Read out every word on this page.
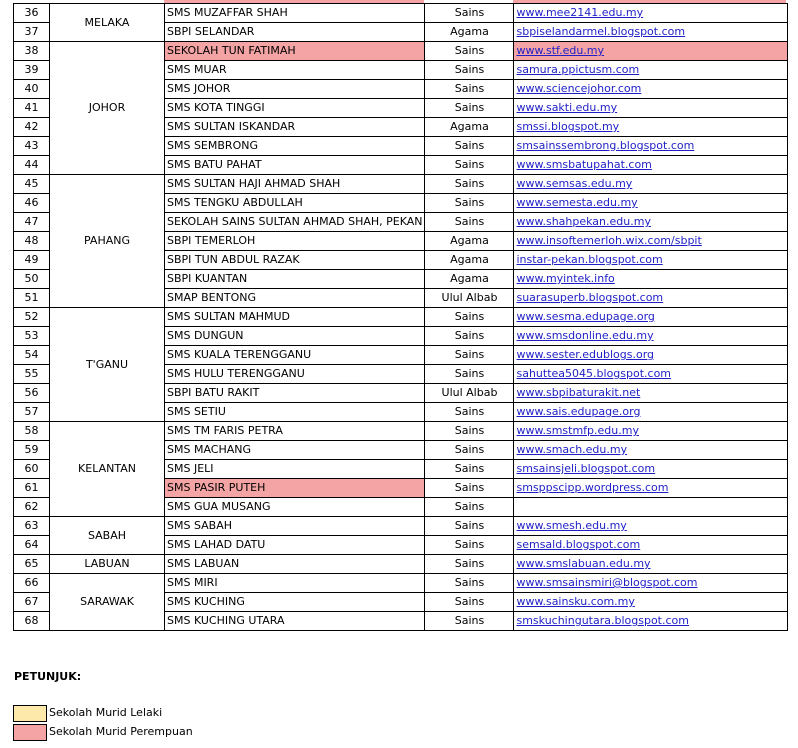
36	MELAKA	SMS MUZAFFAR SHAH	Sains	www.mee2141.edu.my
37		SBPI SELANDAR	Agama	sbpiselandarmel.blogspot.com
38	JOHOR	SEKOLAH TUN FATIMAH	Sains	www.stf.edu.my
39		SMS MUAR	Sains	samura.ppictusm.com
40		SMS JOHOR	Sains	www.sciencejohor.com
41		SMS KOTA TINGGI	Sains	www.sakti.edu.my
42		SMS SULTAN ISKANDAR	Agama	smssi.blogspot.my
43		SMS SEMBRONG	Sains	smsainssembrong.blogspot.com
44		SMS BATU PAHAT	Sains	www.smsbatupahat.com
45	PAHANG	SMS SULTAN HAJI AHMAD SHAH	Sains	www.semsas.edu.my
46		SMS TENGKU ABDULLAH	Sains	www.semesta.edu.my
47		SEKOLAH SAINS SULTAN AHMAD SHAH, PEKAN	Sains	www.shahpekan.edu.my
48		SBPI TEMERLOH	Agama	www.insoftemerloh.wix.com/sbpit
49		SBPI TUN ABDUL RAZAK	Agama	instar-pekan.blogspot.com
50		SBPI KUANTAN	Agama	www.myintek.info
51		SMAP BENTONG	Ulul Albab	suarasuperb.blogspot.com
52	T'GANU	SMS SULTAN MAHMUD	Sains	www.sesma.edupage.org
53		SMS DUNGUN	Sains	www.smsdonline.edu.my
54		SMS KUALA TERENGGANU	Sains	www.sester.edublogs.org
55		SMS HULU TERENGGANU	Sains	sahuttea5045.blogspot.com
56		SBPI BATU RAKIT	Ulul Albab	www.sbpibaturakit.net
57		SMS SETIU	Sains	www.sais.edupage.org
58	KELANTAN	SMS TM FARIS PETRA	Sains	www.smstmfp.edu.my
59		SMS MACHANG	Sains	www.smach.edu.my
60		SMS JELI	Sains	smsainsjeli.blogspot.com
61		SMS PASIR PUTEH	Sains	smsppscipp.wordpress.com
62		SMS GUA MUSANG	Sains	
63	SABAH	SMS SABAH	Sains	www.smesh.edu.my
64		SMS LAHAD DATU	Sains	semsald.blogspot.com
65	LABUAN	SMS LABUAN	Sains	www.smslabuan.edu.my
66	SARAWAK	SMS MIRI	Sains	www.smsainsmiri@blogspot.com
67		SMS KUCHING	Sains	www.sainsku.com.my
68		SMS KUCHING UTARA	Sains	smskuchingutara.blogspot.com
PETUNJUK:
Sekolah Murid Lelaki
Sekolah Murid Perempuan
